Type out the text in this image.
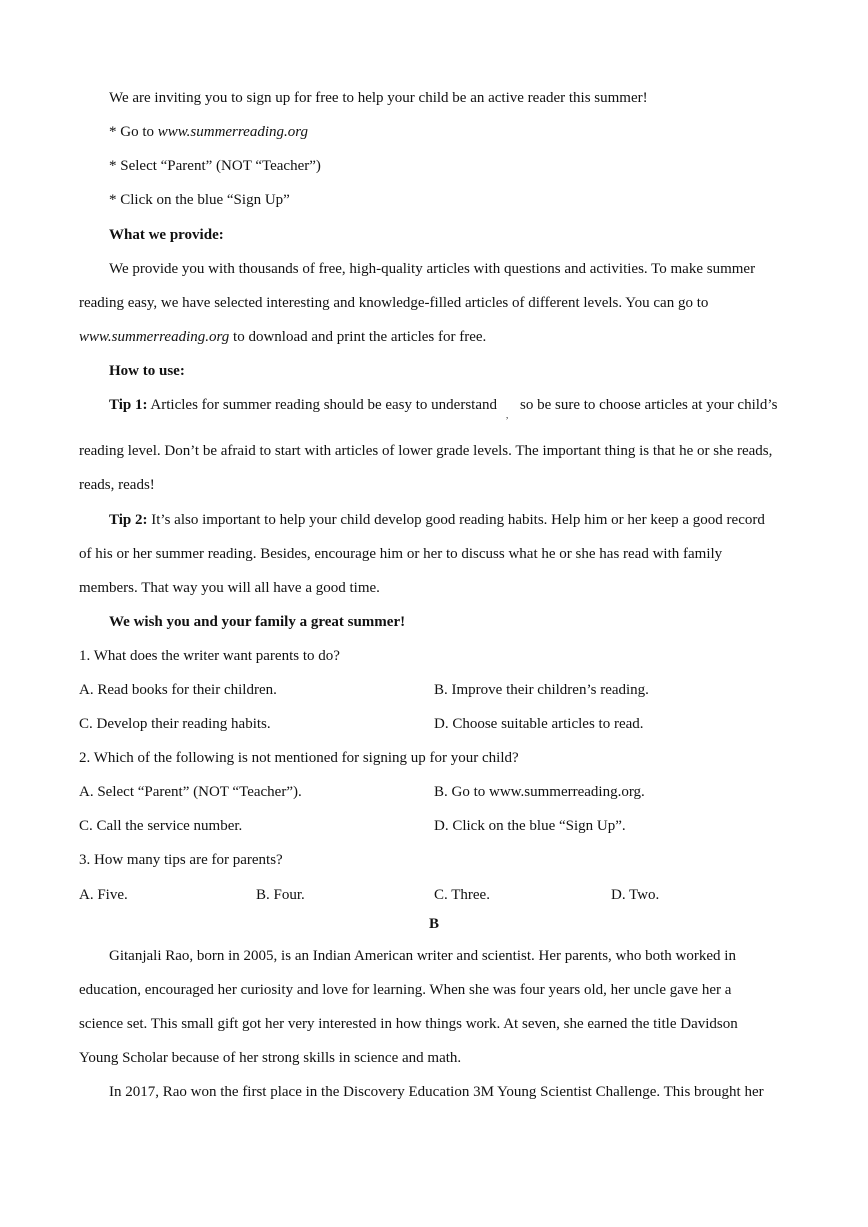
We are inviting you to sign up for free to help your child be an active reader this summer!
* Go to www.summerreading.org
* Select “Parent” (NOT “Teacher”)
* Click on the blue “Sign Up”
What we provide:
We provide you with thousands of free, high-quality articles with questions and activities. To make summer
reading easy, we have selected interesting and knowledge-filled articles of different levels. You can go to
www.summerreading.org to download and print the articles for free.
How to use:
Tip 1: Articles for summer reading should be easy to understand
,
so be sure to choose articles at your child’s
reading level. Don’t be afraid to start with articles of lower grade levels. The important thing is that he or she reads,
reads, reads!
Tip 2: It’s also important to help your child develop good reading habits. Help him or her keep a good record
of his or her summer reading. Besides, encourage him or her to discuss what he or she has read with family
members. That way you will all have a good time.
We wish you and your family a great summer!
1. What does the writer want parents to do?
A. Read books for their children.	B. Improve their children’s reading.
C. Develop their reading habits.	D. Choose suitable articles to read.
2. Which of the following is not mentioned for signing up for your child?
A. Select “Parent” (NOT “Teacher”).	B. Go to www.summerreading.org.
C. Call the service number.	D. Click on the blue “Sign Up”.
3. How many tips are for parents?
A. Five.	B. Four.	C. Three.	D. Two.
B
Gitanjali Rao, born in 2005, is an Indian American writer and scientist. Her parents, who both worked in
education, encouraged her curiosity and love for learning. When she was four years old, her uncle gave her a
science set. This small gift got her very interested in how things work. At seven, she earned the title Davidson
Young Scholar because of her strong skills in science and math.
In 2017, Rao won the first place in the Discovery Education 3M Young Scientist Challenge. This brought her
